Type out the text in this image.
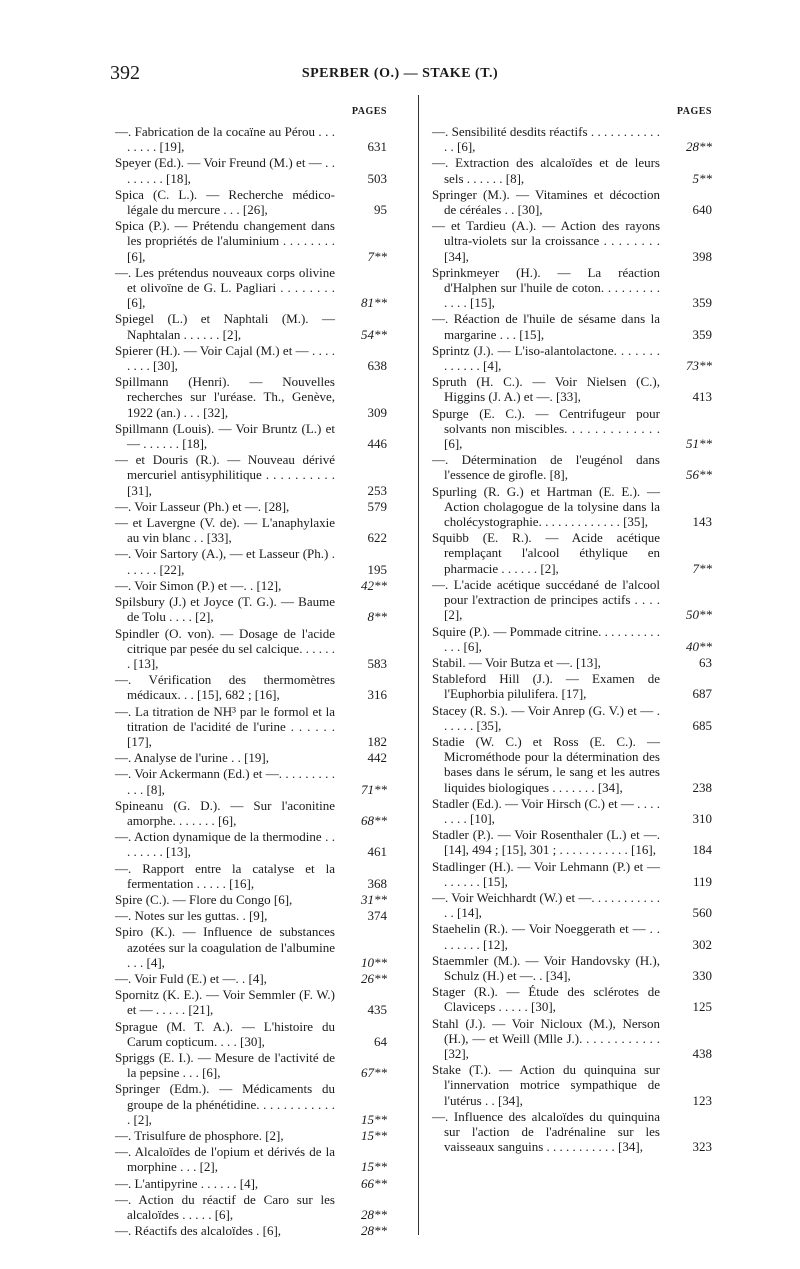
392	SPERBER (O.) — STAKE (T.)
PAGES
—. Fabrication de la cocaïne au Pérou . . . . . . . . [19],	631
Speyer (Ed.). — Voir Freund (M.) et — . . . . . . . . [18],	503
Spica (C. L.). — Recherche médico-légale du mercure . . . [26],	95
Spica (P.). — Prétendu changement dans les propriétés de l'aluminium . . . . . . . . [6],	7**
—. Les prétendus nouveaux corps olivine et olivoïne de G. L. Pagliari . . . . . . . . [6],	81**
Spiegel (L.) et Naphtali (M.). — Naphtalan . . . . . . [2],	54**
Spierer (H.). — Voir Cajal (M.) et — . . . . . . . . [30],	638
Spillmann (Henri). — Nouvelles recherches sur l'uréase. Th., Genève, 1922 (an.) . . . [32],	309
Spillmann (Louis). — Voir Bruntz (L.) et — . . . . . . [18],	446
— et Douris (R.). — Nouveau dérivé mercuriel antisyphilitique . . . . . . . . . . [31],	253
—. Voir Lasseur (Ph.) et —. [28],	579
— et Lavergne (V. de). — L'anaphylaxie au vin blanc . . [33],	622
—. Voir Sartory (A.), — et Lasseur (Ph.) . . . . . . [22],	195
—. Voir Simon (P.) et —. . [12],	42**
Spilsbury (J.) et Joyce (T. G.). — Baume de Tolu . . . . [2],	8**
Spindler (O. von). — Dosage de l'acide citrique par pesée du sel calcique. . . . . . . [13],	583
—. Vérification des thermomètres médicaux. . . [15], 682 ; [16],	316
—. La titration de NH³ par le formol et la titration de l'acidité de l'urine . . . . . . [17],	182
—. Analyse de l'urine . . [19],	442
—. Voir Ackermann (Ed.) et —. . . . . . . . . . . . [8],	71**
Spineanu (G. D.). — Sur l'aconitine amorphe. . . . . . . [6],	68**
—. Action dynamique de la thermodine . . . . . . . . [13],	461
—. Rapport entre la catalyse et la fermentation . . . . . [16],	368
Spire (C.). — Flore du Congo [6],	31**
—. Notes sur les guttas. . [9],	374
Spiro (K.). — Influence de substances azotées sur la coagulation de l'albumine . . . [4],	10**
—. Voir Fuld (E.) et —. . [4],	26**
Spornitz (K. E.). — Voir Semmler (F. W.) et — . . . . . [21],	435
Sprague (M. T. A.). — L'histoire du Carum copticum. . . . [30],	64
Spriggs (E. I.). — Mesure de l'activité de la pepsine . . . [6],	67**
Springer (Edm.). — Médicaments du groupe de la phénétidine. . . . . . . . . . . . . [2],	15**
—. Trisulfure de phosphore. [2],	15**
—. Alcaloïdes de l'opium et dérivés de la morphine . . . [2],	15**
—. L'antipyrine . . . . . . [4],	66**
—. Action du réactif de Caro sur les alcaloïdes . . . . . [6],	28**
—. Réactifs des alcaloïdes . [6],	28**
PAGES
—. Sensibilité desdits réactifs . . . . . . . . . . . . . [6],	28**
—. Extraction des alcaloïdes et de leurs sels . . . . . . [8],	5**
Springer (M.). — Vitamines et décoction de céréales . . [30],	640
— et Tardieu (A.). — Action des rayons ultra-violets sur la croissance . . . . . . . . [34],	398
Sprinkmeyer (H.). — La réaction d'Halphen sur l'huile de coton. . . . . . . . . . . . . [15],	359
—. Réaction de l'huile de sésame dans la margarine . . . [15],	359
Sprintz (J.). — L'iso-alantolactone. . . . . . . . . . . . . [4],	73**
Spruth (H. C.). — Voir Nielsen (C.), Higgins (J. A.) et —. [33],	413
Spurge (E. C.). — Centrifugeur pour solvants non miscibles. . . . . . . . . . . . . [6],	51**
—. Détermination de l'eugénol dans l'essence de girofle. [8],	56**
Spurling (R. G.) et Hartman (E. E.). — Action cholagogue de la tolysine dans la cholécystographie. . . . . . . . . . . . . [35],	143
Squibb (E. R.). — Acide acétique remplaçant l'alcool éthylique en pharmacie . . . . . . [2],	7**
—. L'acide acétique succédané de l'alcool pour l'extraction de principes actifs . . . . [2],	50**
Squire (P.). — Pommade citrine. . . . . . . . . . . . . [6],	40**
Stabil. — Voir Butza et —. [13],	63
Stableford Hill (J.). — Examen de l'Euphorbia pilulifera. [17],	687
Stacey (R. S.). — Voir Anrep (G. V.) et — . . . . . . [35],	685
Stadie (W. C.) et Ross (E. C.). — Microméthode pour la détermination des bases dans le sérum, le sang et les autres liquides biologiques . . . . . . . [34],	238
Stadler (Ed.). — Voir Hirsch (C.) et — . . . . . . . . [10],	310
Stadler (P.). — Voir Rosenthaler (L.) et —. [14], 494 ; [15], 301 ; . . . . . . . . . . . [16],	184
Stadlinger (H.). — Voir Lehmann (P.) et — . . . . . . [15],	119
—. Voir Weichhardt (W.) et —. . . . . . . . . . . . . [14],	560
Staehelin (R.). — Voir Noeggerath et — . . . . . . . . [12],	302
Staemmler (M.). — Voir Handovsky (H.), Schulz (H.) et —. . [34],	330
Stager (R.). — Étude des sclérotes de Claviceps . . . . . [30],	125
Stahl (J.). — Voir Nicloux (M.), Nerson (H.), — et Weill (Mlle J.). . . . . . . . . . . . [32],	438
Stake (T.). — Action du quinquina sur l'innervation motrice sympathique de l'utérus . . [34],	123
—. Influence des alcaloïdes du quinquina sur l'action de l'adrénaline sur les vaisseaux sanguins . . . . . . . . . . . [34],	323
